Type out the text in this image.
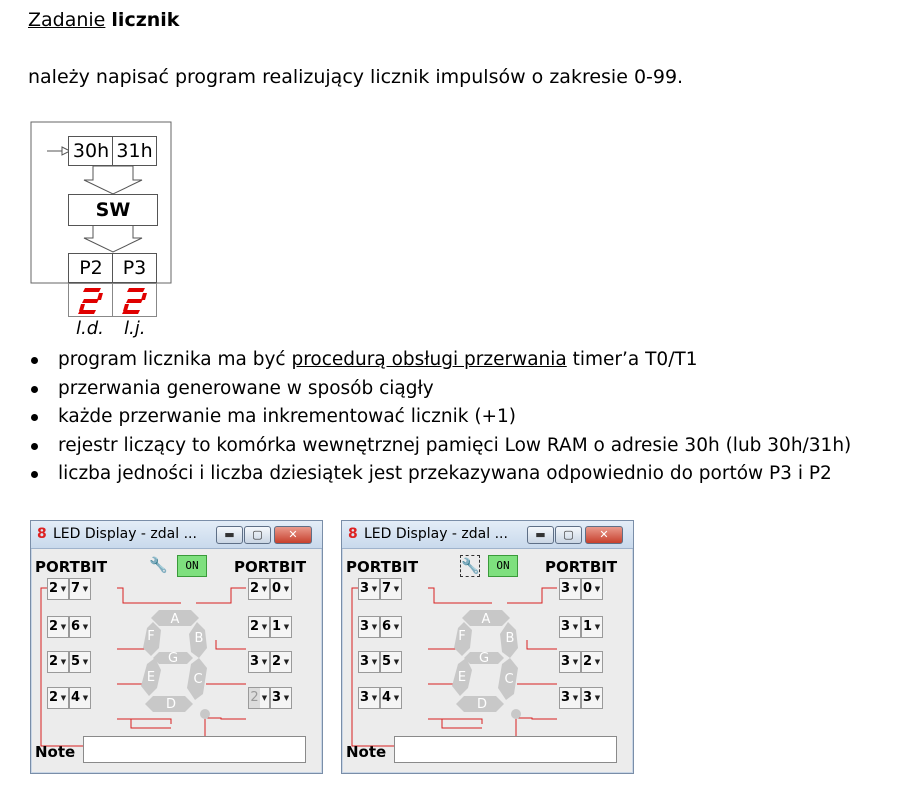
Zadanie licznik
należy napisać program realizujący licznik impulsów o zakresie 0-99.
30h 31h
SW
P2	P3
l.d. l.j.
program licznika ma być procedurą obsługi przerwania timer’a T0/T1
przerwania generowane w sposób ciągły
każde przerwanie ma inkrementować licznik (+1)
rejestr liczący to komórka wewnętrznej pamięci Low RAM o adresie 30h (lub 30h/31h)
liczba jedności i liczba dziesiątek jest przekazywana odpowiednio do portów P3 i P2
8 LED Display - zdal ...	▬	▢	✕
PORTBIT	PORTBIT
🔧	ON
A
B
C
D
E
F
G
2 ▼ 7 ▼	2 ▼ 0 ▼
2 ▼ 6 ▼	2 ▼ 1 ▼
2 ▼ 5 ▼	3 ▼ 2 ▼
2 ▼ 4 ▼	2 ▼ 3 ▼
Note
8 LED Display - zdal ...	▬	▢	✕
PORTBIT	PORTBIT
🔧	ON
A
B
C
D
E
F
G
3 ▼ 7 ▼	3 ▼ 0 ▼
3 ▼ 6 ▼	3 ▼ 1 ▼
3 ▼ 5 ▼	3 ▼ 2 ▼
3 ▼ 4 ▼	3 ▼ 3 ▼
Note
